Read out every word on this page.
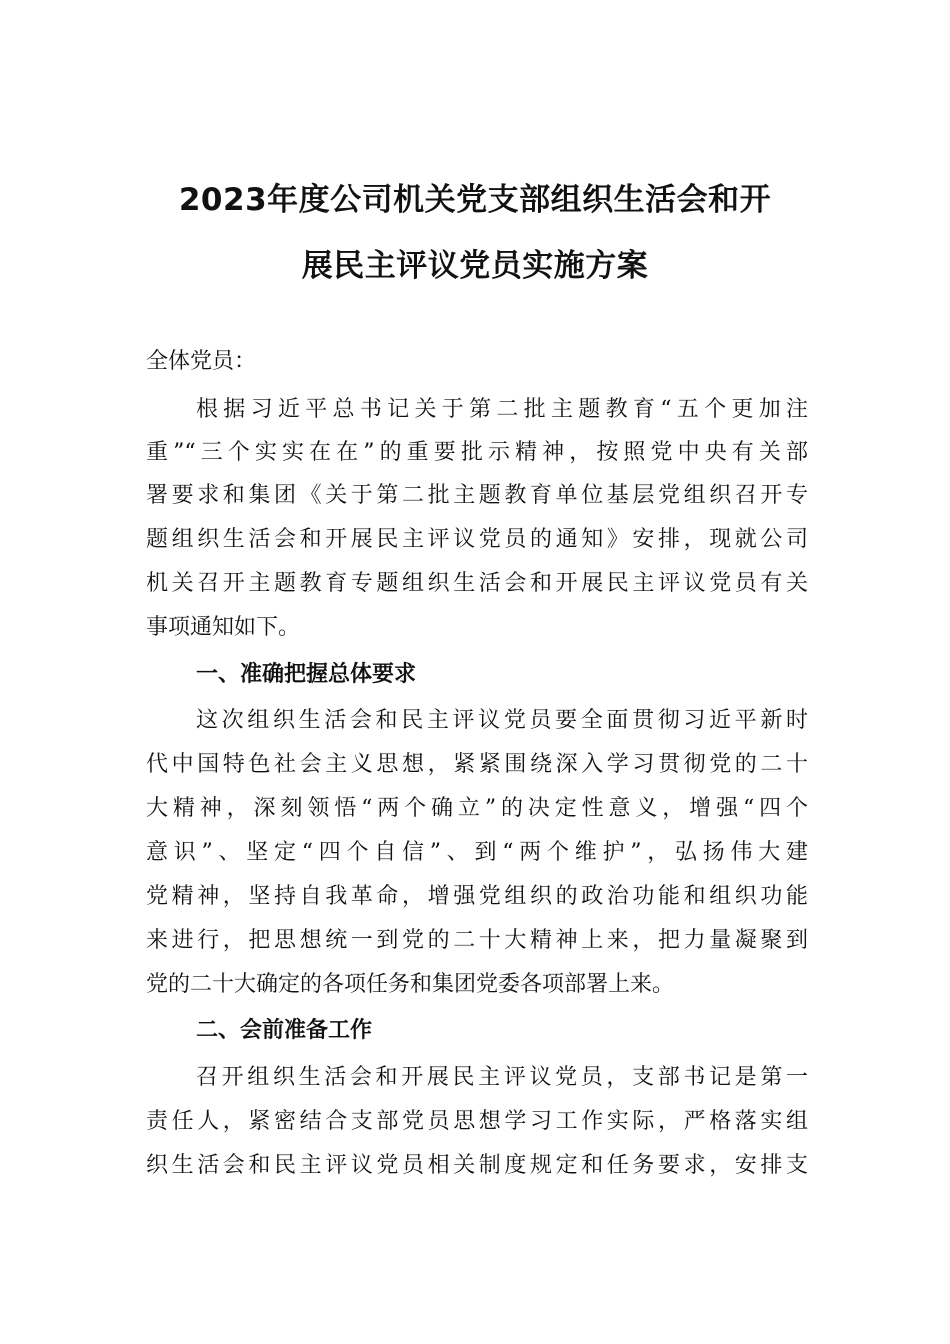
2023年度公司机关党支部组织生活会和开
展民主评议党员实施方案
全体党员：
根据习近平总书记关于第二批主题教育“五个更加注
重”“三个实实在在”的重要批示精神，按照党中央有关部
署要求和集团《关于第二批主题教育单位基层党组织召开专
题组织生活会和开展民主评议党员的通知》安排，现就公司
机关召开主题教育专题组织生活会和开展民主评议党员有关
事项通知如下。
一、准确把握总体要求
这次组织生活会和民主评议党员要全面贯彻习近平新时
代中国特色社会主义思想，紧紧围绕深入学习贯彻党的二十
大精神，深刻领悟“两个确立”的决定性意义，增强“四个
意识”、坚定“四个自信”、到“两个维护”，弘扬伟大建
党精神，坚持自我革命，增强党组织的政治功能和组织功能
来进行，把思想统一到党的二十大精神上来，把力量凝聚到
党的二十大确定的各项任务和集团党委各项部署上来。
二、会前准备工作
召开组织生活会和开展民主评议党员，支部书记是第一
责任人，紧密结合支部党员思想学习工作实际，严格落实组
织生活会和民主评议党员相关制度规定和任务要求，安排支
